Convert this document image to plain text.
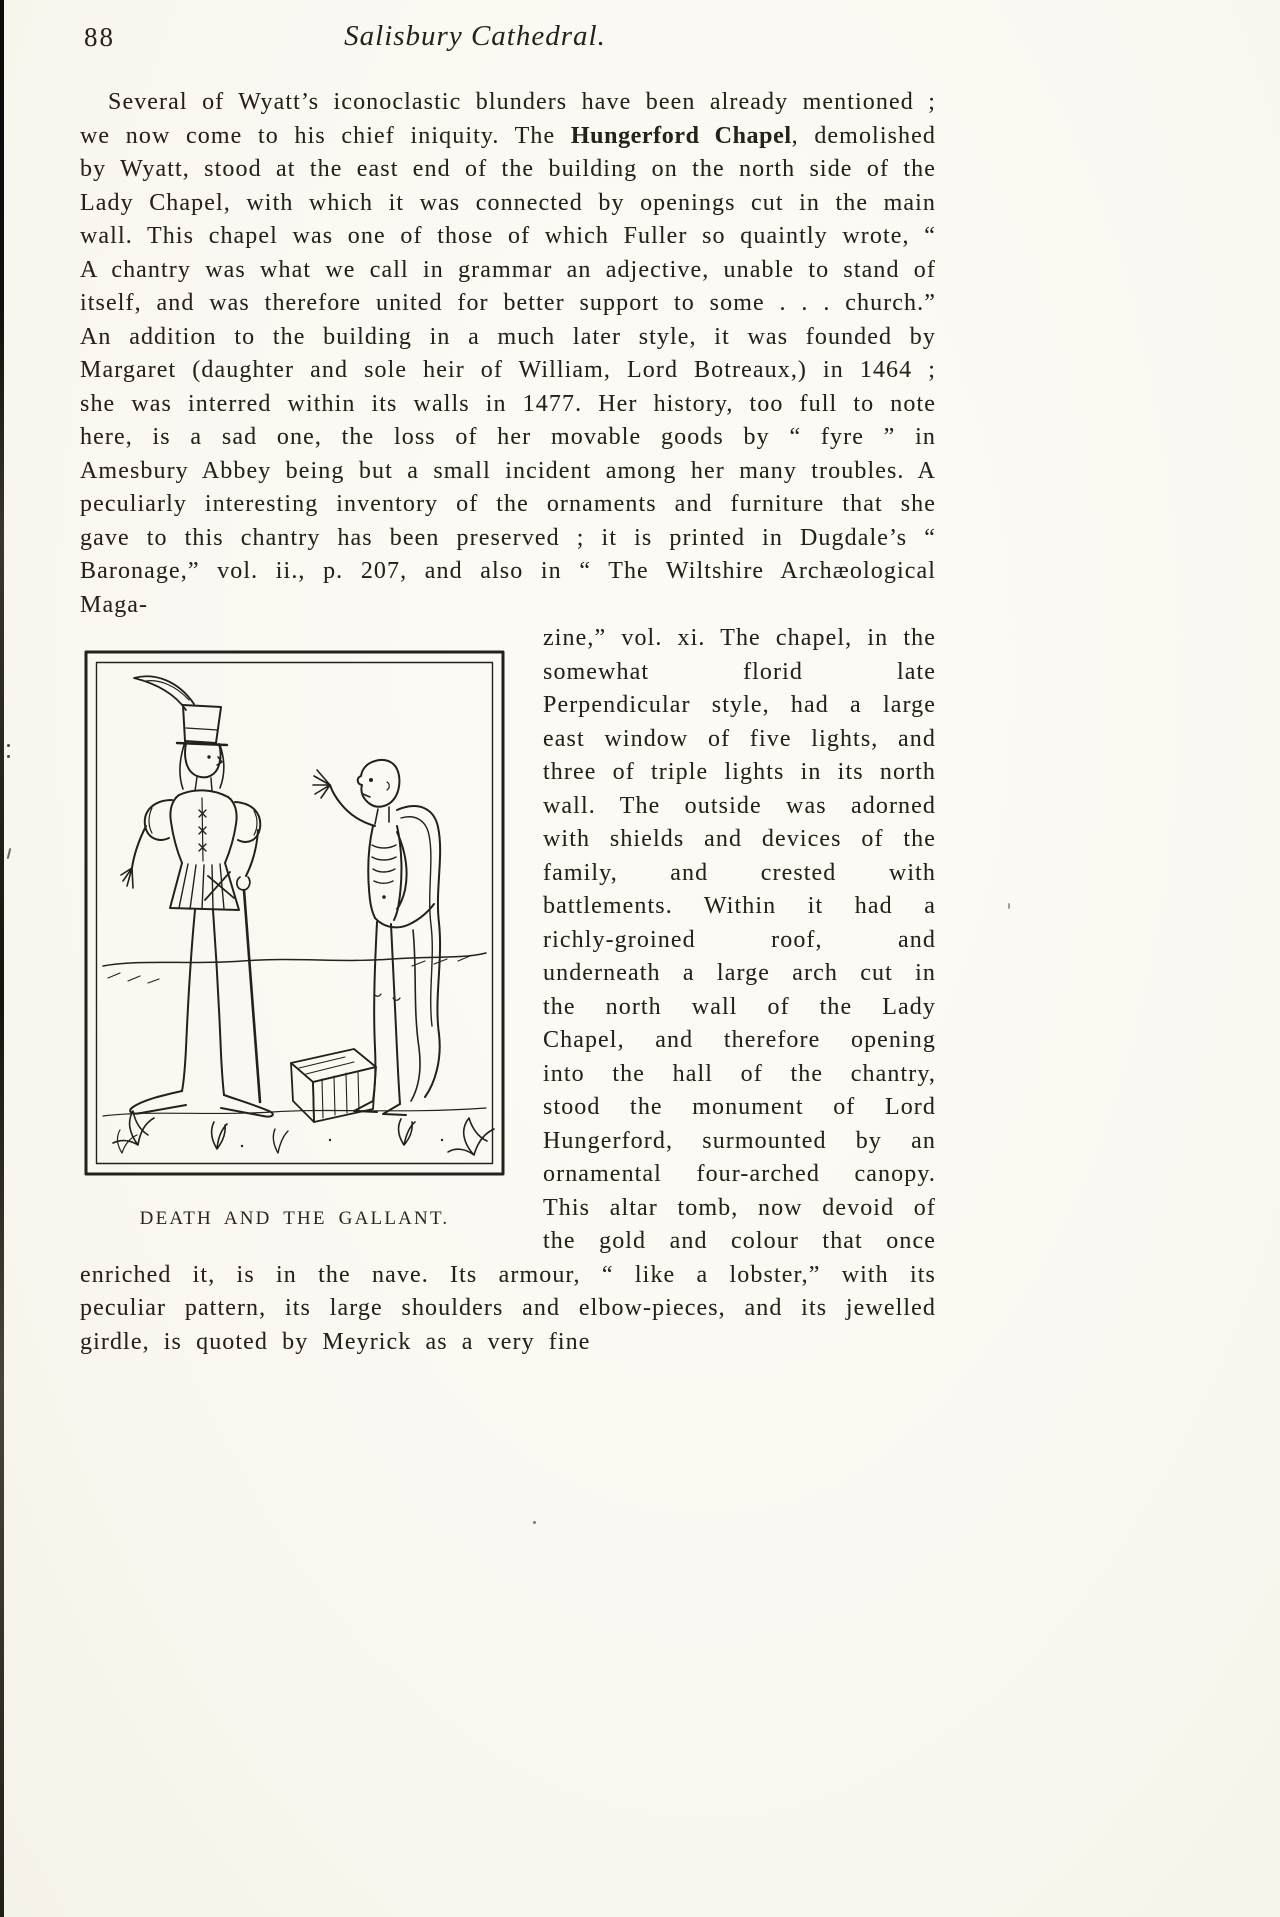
88	Salisbury Cathedral.

Several of Wyatt’s iconoclastic blunders have been already mentioned ; we now come to his chief iniquity. The Hungerford Chapel, demolished by Wyatt, stood at the east end of the building on the north side of the Lady Chapel, with which it was connected by openings cut in the main wall. This chapel was one of those of which Fuller so quaintly wrote, “ A chantry was what we call in grammar an adjective, unable to stand of itself, and was therefore united for better support to some . . . church.” An addition to the building in a much later style, it was founded by Margaret (daughter and sole heir of William, Lord Botreaux,) in 1464 ; she was interred within its walls in 1477. Her history, too full to note here, is a sad one, the loss of her movable goods by “ fyre ” in Amesbury Abbey being but a small incident among her many troubles. A peculiarly interesting inventory of the ornaments and furniture that she gave to this chantry has been preserved ; it is printed in Dugdale’s “ Baronage,” vol. ii., p. 207, and also in “ The Wiltshire Archæological Maga-

DEATH AND THE GALLANT.

zine,” vol. xi. The chapel, in the somewhat florid late Perpendicular style, had a large east window of five lights, and three of triple lights in its north wall. The outside was adorned with shields and devices of the family, and crested with battlements. Within it had a richly-groined roof, and underneath a large arch cut in the north wall of the Lady Chapel, and therefore opening into the hall of the chantry, stood the monument of Lord Hungerford, surmounted by an ornamental four-arched canopy. This altar tomb, now devoid of the gold and colour that once enriched it, is in the nave. Its armour, “ like a lobster,” with its peculiar pattern, its large shoulders and elbow-pieces, and its jewelled girdle, is quoted by Meyrick as a very fine
